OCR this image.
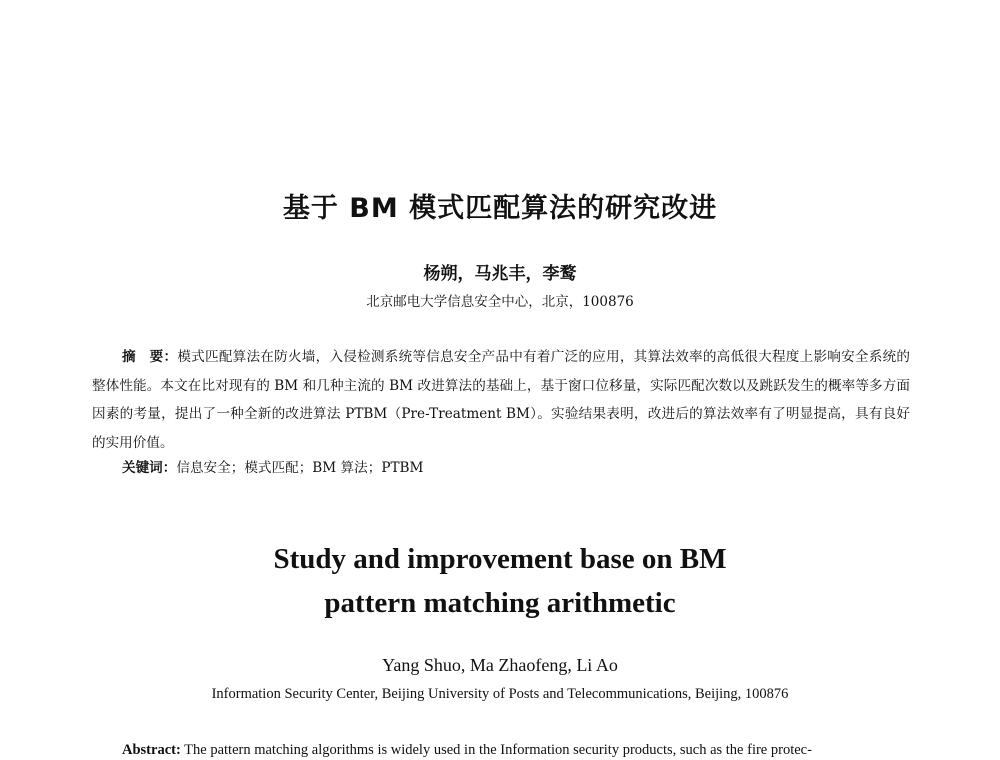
基于 BM 模式匹配算法的研究改进
杨朔，马兆丰，李鹜
北京邮电大学信息安全中心，北京，100876
摘　要：模式匹配算法在防火墙，入侵检测系统等信息安全产品中有着广泛的应用，其算法效率的高低很大程度上影响安全系统的整体性能。本文在比对现有的 BM 和几种主流的 BM 改进算法的基础上，基于窗口位移量，实际匹配次数以及跳跃发生的概率等多方面因素的考量，提出了一种全新的改进算法 PTBM（Pre-Treatment BM）。实验结果表明，改进后的算法效率有了明显提高，具有良好的实用价值。
关键词：信息安全；模式匹配；BM 算法；PTBM
Study and improvement base on BM
pattern matching arithmetic
Yang Shuo, Ma Zhaofeng, Li Ao
Information Security Center, Beijing University of Posts and Telecommunications, Beijing, 100876
Abstract: The pattern matching algorithms is widely used in the Information security products, such as the fire protec-
